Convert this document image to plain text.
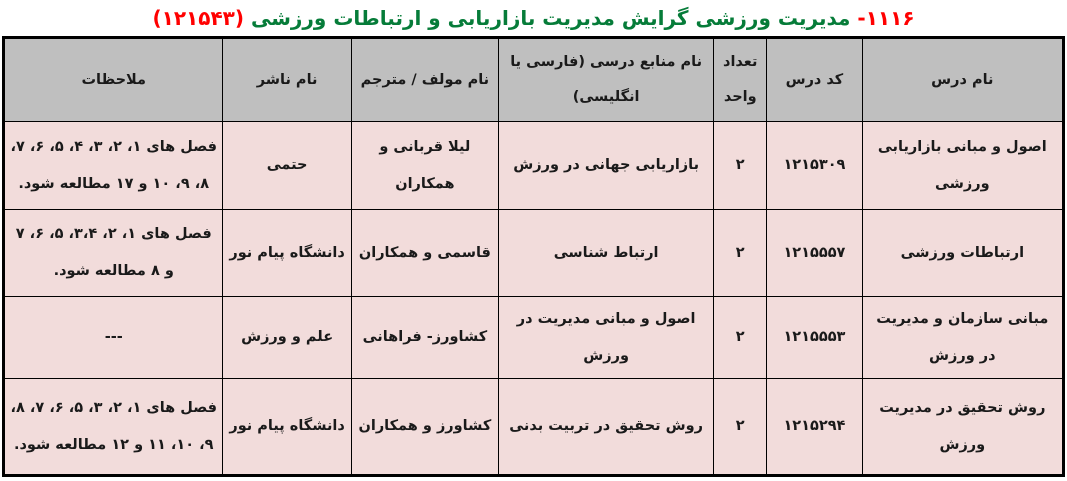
۱۱۱۶-
مدیریت ورزشی گرایش مدیریت بازاریابی و ارتباطات ورزشی
(۱۲۱۵۴۳)
نام درس	کد درس	تعداد واحد	نام منابع درسی (فارسی یا انگلیسی)	نام مولف / مترجم	نام ناشر	ملاحظات
اصول و مبانی بازاریابی ورزشی	۱۲۱۵۳۰۹	۲	بازاریابی جهانی در ورزش	لیلا قربانی و همکاران	حتمی	فصل های ۱، ۲، ۳، ۴، ۵، ۶، ۷، ۸، ۹، ۱۰ و ۱۷ مطالعه شود.
ارتباطات ورزشی	۱۲۱۵۵۵۷	۲	ارتباط شناسی	قاسمی و همکاران	دانشگاه پیام نور	فصل های ۱، ۲، ۳،۴، ۵، ۶، ۷ و ۸ مطالعه شود.
مبانی سازمان و مدیریت در ورزش	۱۲۱۵۵۵۳	۲	اصول و مبانی مدیریت در ورزش	کشاورز- فراهانی	علم و ورزش	---
روش تحقیق در مدیریت ورزش	۱۲۱۵۲۹۴	۲	روش تحقیق در تربیت بدنی	کشاورز و همکاران	دانشگاه پیام نور	فصل های ۱، ۲، ۳، ۵، ۶، ۷، ۸، ۹، ۱۰، ۱۱ و ۱۲ مطالعه شود.
